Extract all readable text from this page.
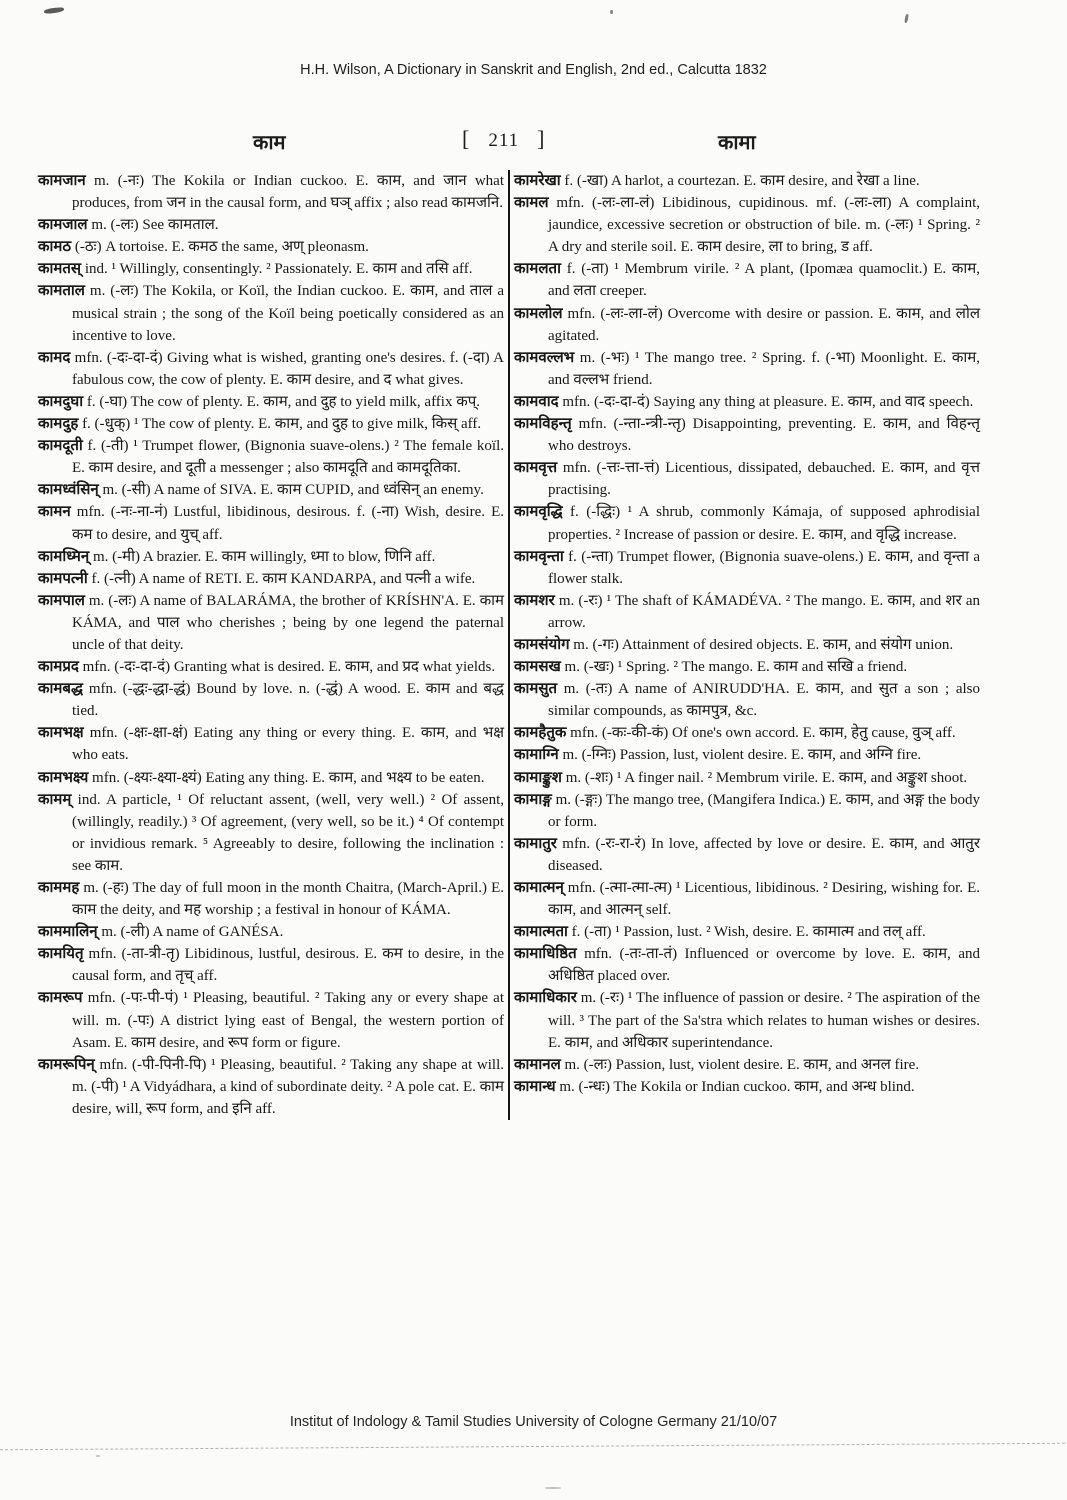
H.H. Wilson, A Dictionary in Sanskrit and English, 2nd ed., Calcutta 1832
काम	[ 211 ]	कामा

कामजान m. (-नः) The Kokila or Indian cuckoo. E. काम, and जान what produces, from जन in the causal form, and घञ् affix ; also read कामजनि.

कामजाल m. (-लः) See कामताल.

कामठ (-ठः) A tortoise. E. कमठ the same, अण् pleonasm.

कामतस् ind. ¹ Willingly, consentingly. ² Passionately. E. काम and तसि aff.

कामताल m. (-लः) The Kokila, or Koïl, the Indian cuckoo. E. काम, and ताल a musical strain ; the song of the Koïl being poetically considered as an incentive to love.

कामद mfn. (-दः-दा-दं) Giving what is wished, granting one's desires. f. (-दा) A fabulous cow, the cow of plenty. E. काम desire, and द what gives.

कामदुघा f. (-घा) The cow of plenty. E. काम, and दुह to yield milk, affix कप्.

कामदुह f. (-धुक्) ¹ The cow of plenty. E. काम, and दुह to give milk, किस् aff.

कामदूती f. (-ती) ¹ Trumpet flower, (Bignonia suave-olens.) ² The female koïl. E. काम desire, and दूती a messenger ; also कामदूति and कामदूतिका.

कामध्वंसिन् m. (-सी) A name of SIVA. E. काम CUPID, and ध्वंसिन् an enemy.

कामन mfn. (-नः-ना-नं) Lustful, libidinous, desirous. f. (-ना) Wish, desire. E. कम to desire, and युच् aff.

कामध्मिन् m. (-मी) A brazier. E. काम willingly, ध्मा to blow, णिनि aff.

कामपत्नी f. (-त्नी) A name of RETI. E. काम KANDARPA, and पत्नी a wife.

कामपाल m. (-लः) A name of BALARÁMA, the brother of KRÍSHN'A. E. काम KÁMA, and पाल who cherishes ; being by one legend the paternal uncle of that deity.

कामप्रद mfn. (-दः-दा-दं) Granting what is desired. E. काम, and प्रद what yields.

कामबद्ध mfn. (-द्धः-द्धा-द्धं) Bound by love. n. (-द्धं) A wood. E. काम and बद्ध tied.

कामभक्ष mfn. (-क्षः-क्षा-क्षं) Eating any thing or every thing. E. काम, and भक्ष who eats.

कामभक्ष्य mfn. (-क्ष्यः-क्ष्या-क्ष्यं) Eating any thing. E. काम, and भक्ष्य to be eaten.

कामम् ind. A particle, ¹ Of reluctant assent, (well, very well.) ² Of assent, (willingly, readily.) ³ Of agreement, (very well, so be it.) ⁴ Of contempt or invidious remark. ⁵ Agreeably to desire, following the inclination : see काम.

काममह m. (-हः) The day of full moon in the month Chaitra, (March-April.) E. काम the deity, and मह worship ; a festival in honour of KÁMA.

काममालिन् m. (-ली) A name of GANÉSA.

कामयितृ mfn. (-ता-त्री-तृ) Libidinous, lustful, desirous. E. कम to desire, in the causal form, and तृच् aff.

कामरूप mfn. (-पः-पी-पं) ¹ Pleasing, beautiful. ² Taking any or every shape at will. m. (-पः) A district lying east of Bengal, the western portion of Asam. E. काम desire, and रूप form or figure.

कामरूपिन् mfn. (-पी-पिनी-पि) ¹ Pleasing, beautiful. ² Taking any shape at will. m. (-पी) ¹ A Vidyádhara, a kind of subordinate deity. ² A pole cat. E. काम desire, will, रूप form, and इनि aff.

कामरेखा f. (-खा) A harlot, a courtezan. E. काम desire, and रेखा a line.

कामल mfn. (-लः-ला-लं) Libidinous, cupidinous. mf. (-लः-ला) A complaint, jaundice, excessive secretion or obstruction of bile. m. (-लः) ¹ Spring. ² A dry and sterile soil. E. काम desire, ला to bring, ड aff.

कामलता f. (-ता) ¹ Membrum virile. ² A plant, (Ipomæa quamoclit.) E. काम, and लता creeper.

कामलोल mfn. (-लः-ला-लं) Overcome with desire or passion. E. काम, and लोल agitated.

कामवल्लभ m. (-भः) ¹ The mango tree. ² Spring. f. (-भा) Moonlight. E. काम, and वल्लभ friend.

कामवाद mfn. (-दः-दा-दं) Saying any thing at pleasure. E. काम, and वाद speech.

कामविहन्तृ mfn. (-न्ता-न्त्री-न्तृ) Disappointing, preventing. E. काम, and विहन्तृ who destroys.

कामवृत्त mfn. (-त्तः-त्ता-त्तं) Licentious, dissipated, debauched. E. काम, and वृत्त practising.

कामवृद्धि f. (-द्धिः) ¹ A shrub, commonly Kámaja, of supposed aphrodisial properties. ² Increase of passion or desire. E. काम, and वृद्धि increase.

कामवृन्ता f. (-न्ता) Trumpet flower, (Bignonia suave-olens.) E. काम, and वृन्ता a flower stalk.

कामशर m. (-रः) ¹ The shaft of KÁMADÉVA. ² The mango. E. काम, and शर an arrow.

कामसंयोग m. (-गः) Attainment of desired objects. E. काम, and संयोग union.

कामसख m. (-खः) ¹ Spring. ² The mango. E. काम and सखि a friend.

कामसुत m. (-तः) A name of ANIRUDD'HA. E. काम, and सुत a son ; also similar compounds, as कामपुत्र, &c.

कामहैतुक mfn. (-कः-की-कं) Of one's own accord. E. काम, हेतु cause, वुञ् aff.

कामाग्नि m. (-ग्निः) Passion, lust, violent desire. E. काम, and अग्नि fire.

कामाङ्कुश m. (-शः) ¹ A finger nail. ² Membrum virile. E. काम, and अङ्कुश shoot.

कामाङ्ग m. (-ङ्गः) The mango tree, (Mangifera Indica.) E. काम, and अङ्ग the body or form.

कामातुर mfn. (-रः-रा-रं) In love, affected by love or desire. E. काम, and आतुर diseased.

कामात्मन् mfn. (-त्मा-त्मा-त्म) ¹ Licentious, libidinous. ² Desiring, wishing for. E. काम, and आत्मन् self.

कामात्मता f. (-ता) ¹ Passion, lust. ² Wish, desire. E. कामात्म and तल् aff.

कामाधिष्ठित mfn. (-तः-ता-तं) Influenced or overcome by love. E. काम, and अधिष्ठित placed over.

कामाधिकार m. (-रः) ¹ The influence of passion or desire. ² The aspiration of the will. ³ The part of the Sa'stra which relates to human wishes or desires. E. काम, and अधिकार superintendance.

कामानल m. (-लः) Passion, lust, violent desire. E. काम, and अनल fire.

कामान्ध m. (-न्धः) The Kokila or Indian cuckoo. काम, and अन्ध blind.

Institut of Indology & Tamil Studies University of Cologne Germany 21/10/07
